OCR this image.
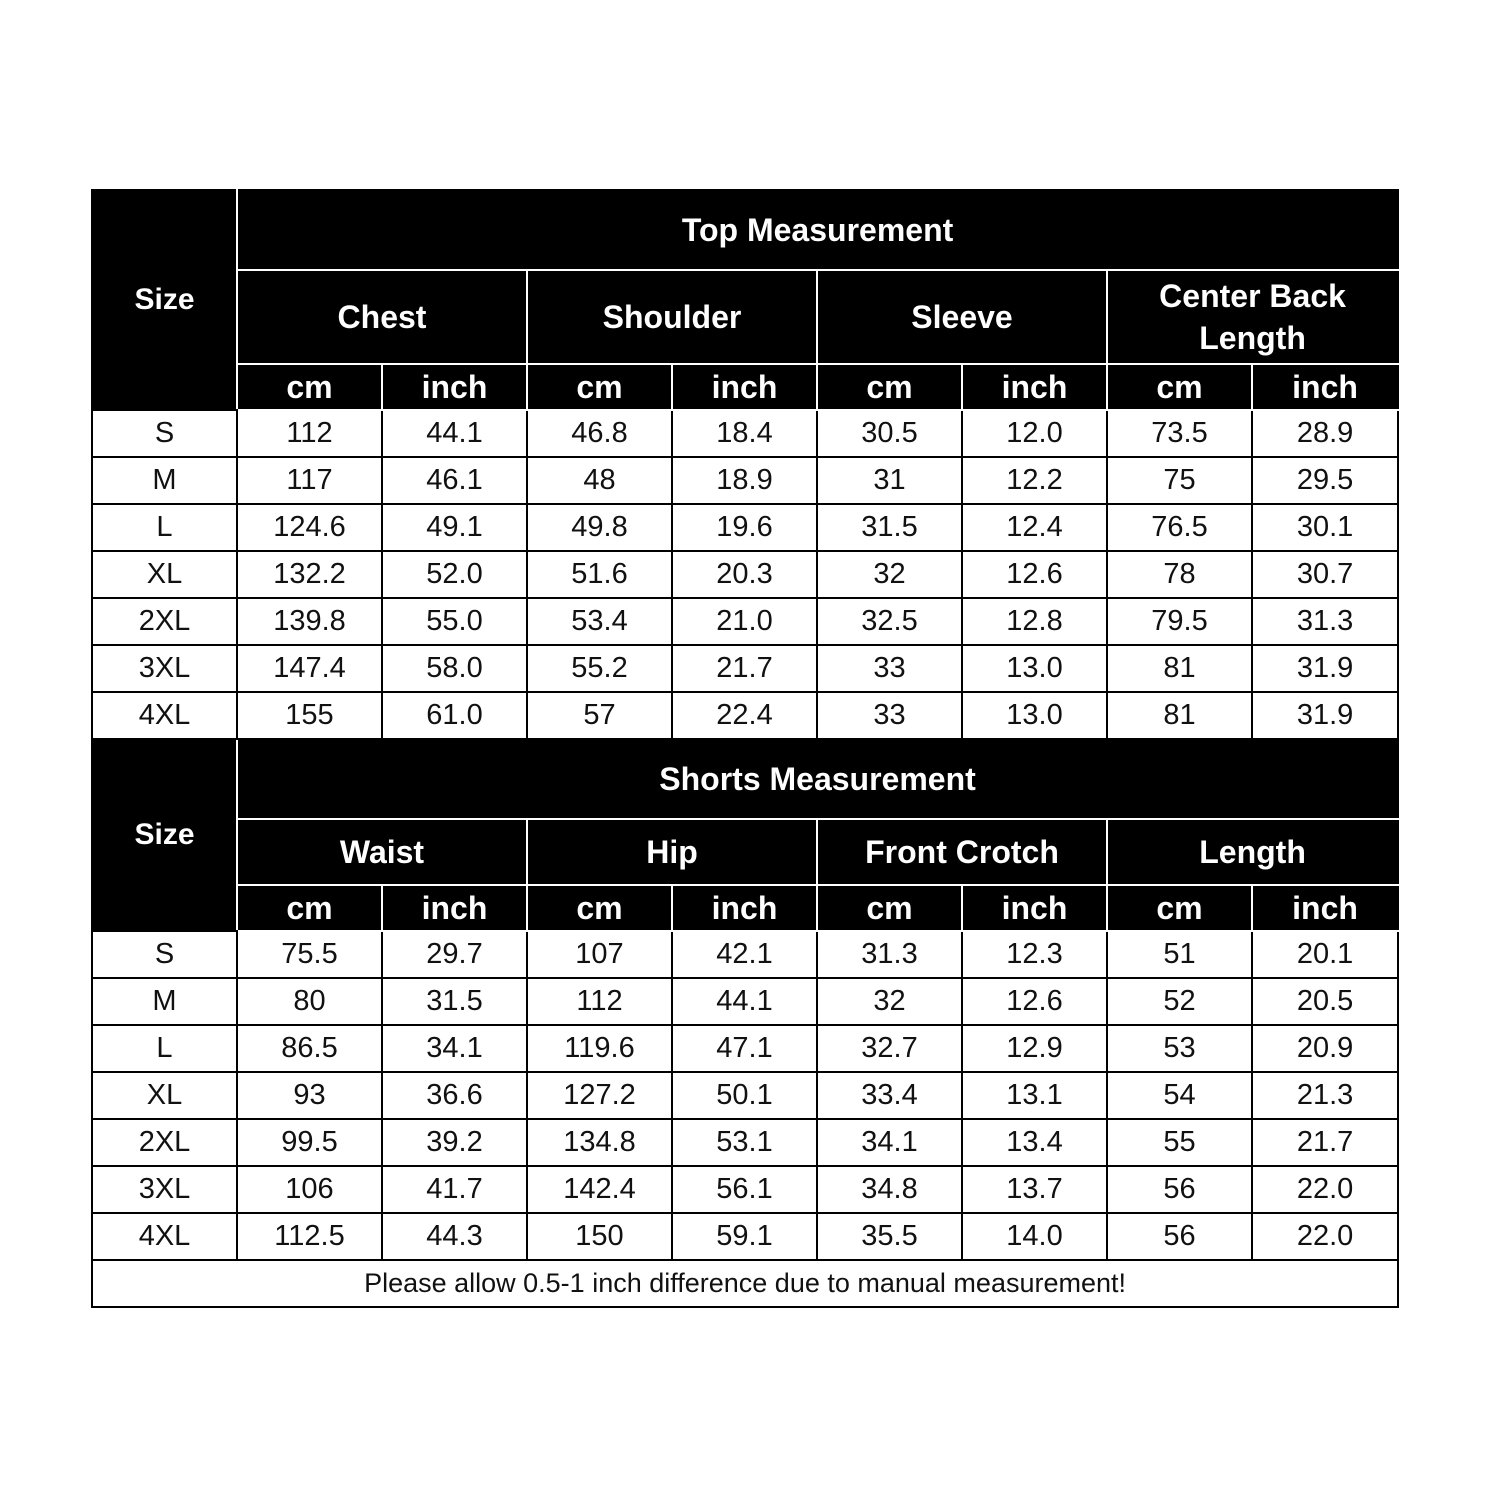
Size	Top Measurement							
	Chest		Shoulder		Sleeve		Center Back Length	
	cm	inch	cm	inch	cm	inch	cm	inch
S	112	44.1	46.8	18.4	30.5	12.0	73.5	28.9
M	117	46.1	48	18.9	31	12.2	75	29.5
L	124.6	49.1	49.8	19.6	31.5	12.4	76.5	30.1
XL	132.2	52.0	51.6	20.3	32	12.6	78	30.7
2XL	139.8	55.0	53.4	21.0	32.5	12.8	79.5	31.3
3XL	147.4	58.0	55.2	21.7	33	13.0	81	31.9
4XL	155	61.0	57	22.4	33	13.0	81	31.9
Size	Shorts Measurement							
	Waist		Hip		Front Crotch		Length	
	cm	inch	cm	inch	cm	inch	cm	inch
S	75.5	29.7	107	42.1	31.3	12.3	51	20.1
M	80	31.5	112	44.1	32	12.6	52	20.5
L	86.5	34.1	119.6	47.1	32.7	12.9	53	20.9
XL	93	36.6	127.2	50.1	33.4	13.1	54	21.3
2XL	99.5	39.2	134.8	53.1	34.1	13.4	55	21.7
3XL	106	41.7	142.4	56.1	34.8	13.7	56	22.0
4XL	112.5	44.3	150	59.1	35.5	14.0	56	22.0
Please allow 0.5-1 inch difference due to manual measurement!								
